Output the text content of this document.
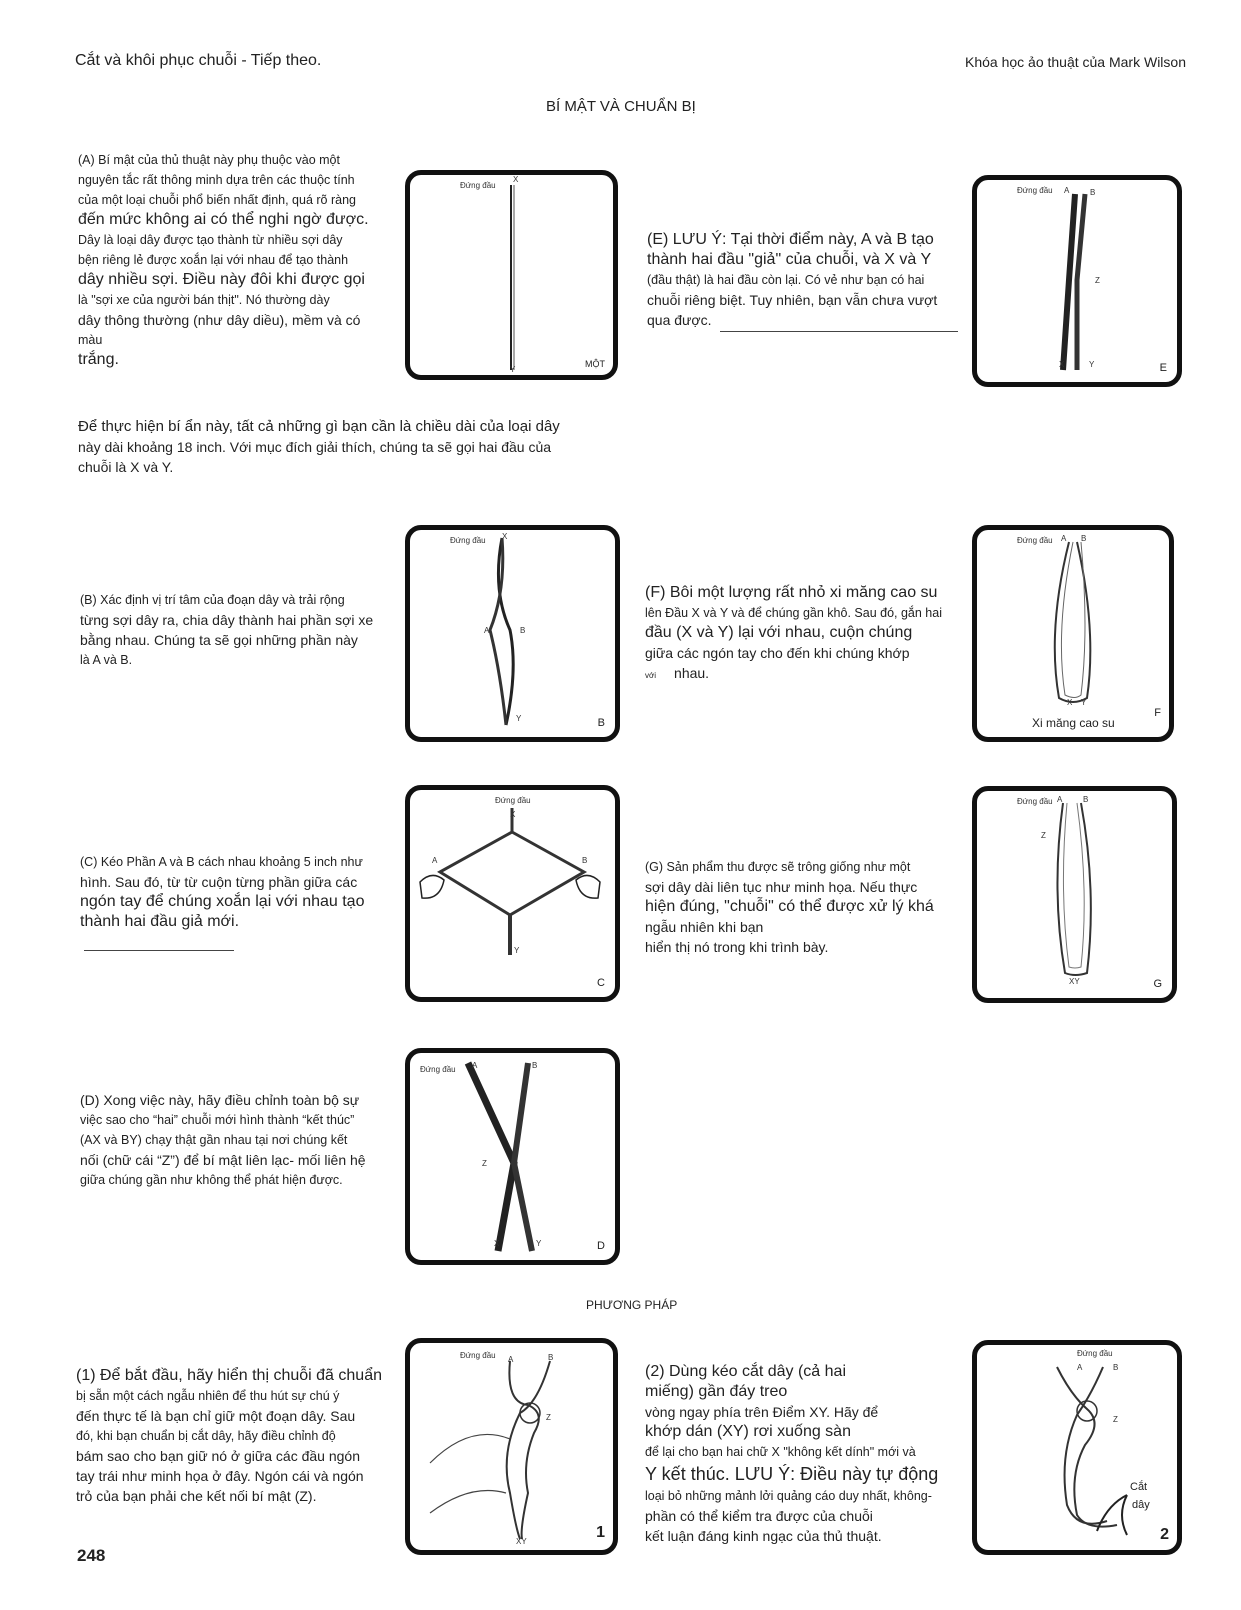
Cắt và khôi phục chuỗi - Tiếp theo.	Khóa học ảo thuật của Mark Wilson
BÍ MẬT VÀ CHUẨN BỊ
(A) Bí mật của thủ thuật này phụ thuộc vào một
nguyên tắc rất thông minh dựa trên các thuộc tính
của một loại chuỗi phổ biến nhất định, quá rõ ràng
đến mức không ai có thể nghi ngờ được.
Dây là loại dây được tạo thành từ nhiều sợi dây
bện riêng lẻ được xoắn lại với nhau để tạo thành
dây nhiều sợi. Điều này đôi khi được gọi
là "sợi xe của người bán thịt". Nó thường dày
dây thông thường (như dây diều), mềm và có
màu
trắng.
Đứng đầu
X
Y
MỘT
Để thực hiện bí ẩn này, tất cả những gì bạn cần là chiều dài của loại dây
này dài khoảng 18 inch. Với mục đích giải thích, chúng ta sẽ gọi hai đầu của
chuỗi là X và Y.
(E) LƯU Ý: Tại thời điểm này, A và B tạo
thành hai đầu "giả" của chuỗi, và X và Y
(đầu thật) là hai đầu còn lại. Có vẻ như bạn có hai
chuỗi riêng biệt. Tuy nhiên, bạn vẫn chưa vượt
qua được.
Đứng đầu A	B
Z
X	Y	E
(B) Xác định vị trí tâm của đoạn dây và trải rộng
từng sợi dây ra, chia dây thành hai phần sợi xe
bằng nhau. Chúng ta sẽ gọi những phần này
là A và B.
Đứng đầu X
A	B
Y	B
(F) Bôi một lượng rất nhỏ xi măng cao su
lên Đầu X và Y và để chúng gần khô. Sau đó, gắn hai
đầu (X và Y) lại với nhau, cuộn chúng
giữa các ngón tay cho đến khi chúng khớp
với nhau.
Đứng đầu A B
X Y
Xi măng cao su
F
(C) Kéo Phần A và B cách nhau khoảng 5 inch như
hình. Sau đó, từ từ cuộn từng phần giữa các
ngón tay để chúng xoắn lại với nhau tạo
thành hai đầu giả mới.
Đứng đầu
X
A	B
Y
C
(G) Sản phẩm thu được sẽ trông giống như một
sợi dây dài liên tục như minh họa. Nếu thực
hiện đúng, "chuỗi" có thể được xử lý khá
ngẫu nhiên khi bạn
hiển thị nó trong khi trình bày.
Đứng đầu A	B
Z
XY	G
(D) Xong việc này, hãy điều chỉnh toàn bộ sự
việc sao cho “hai” chuỗi mới hình thành “kết thúc”
(AX và BY) chạy thật gần nhau tại nơi chúng kết
nối (chữ cái “Z”) để bí mật liên lạc- mối liên hệ
giữa chúng gần như không thể phát hiện được.
Đứng đầu A	B
Z
X	Y	D
PHƯƠNG PHÁP
(1) Để bắt đầu, hãy hiển thị chuỗi đã chuẩn
bị sẵn một cách ngẫu nhiên để thu hút sự chú ý
đến thực tế là bạn chỉ giữ một đoạn dây. Sau
đó, khi bạn chuẩn bị cắt dây, hãy điều chỉnh độ
bám sao cho bạn giữ nó ở giữa các đầu ngón
tay trái như minh họa ở đây. Ngón cái và ngón
trỏ của bạn phải che kết nối bí mật (Z).
Đứng đầu A	B
Z
XY
1
(2) Dùng kéo cắt dây (cả hai
miếng) gần đáy treo
vòng ngay phía trên Điểm XY. Hãy để
khớp dán (XY) rơi xuống sàn
để lại cho bạn hai chữ X "không kết dính" mới và
Y kết thúc. LƯU Ý: Điều này tự động
loại bỏ những mảnh lởi quảng cáo duy nhất, không-
phần có thể kiểm tra được của chuỗi
kết luận đáng kinh ngạc của thủ thuật.
Đứng đầu
A	B
Z
Cắt
dây
2
248
